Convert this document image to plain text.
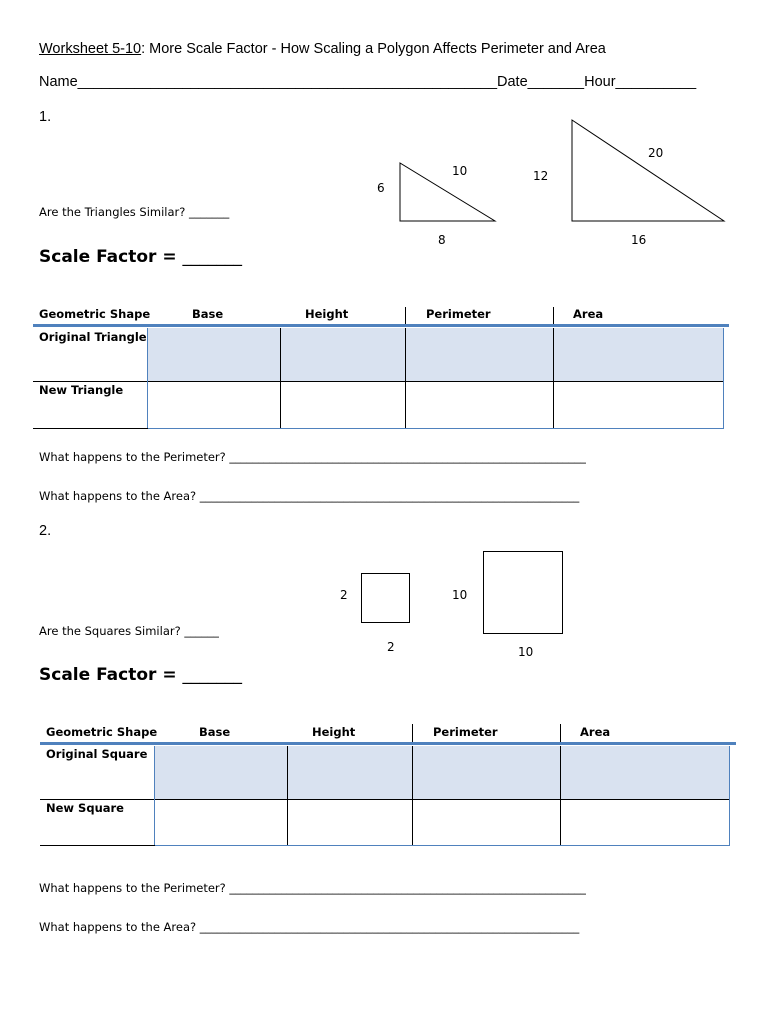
Worksheet 5-10: More Scale Factor - How Scaling a Polygon Affects Perimeter and Area
Name____________________________________________________Date_______Hour__________
1.
6
10
8
12
20
16
Are the Triangles Similar? _______
Scale Factor = _______
Geometric Shape	Base	Height	Perimeter	Area
Original Triangle
New Triangle
What happens to the Perimeter? ______________________________________________________________
What happens to the Area? __________________________________________________________________
2.
2
2
10
10
Are the Squares Similar? ______
Scale Factor = _______
Geometric Shape	Base	Height	Perimeter	Area
Original Square
New Square
What happens to the Perimeter? ______________________________________________________________
What happens to the Area? __________________________________________________________________
